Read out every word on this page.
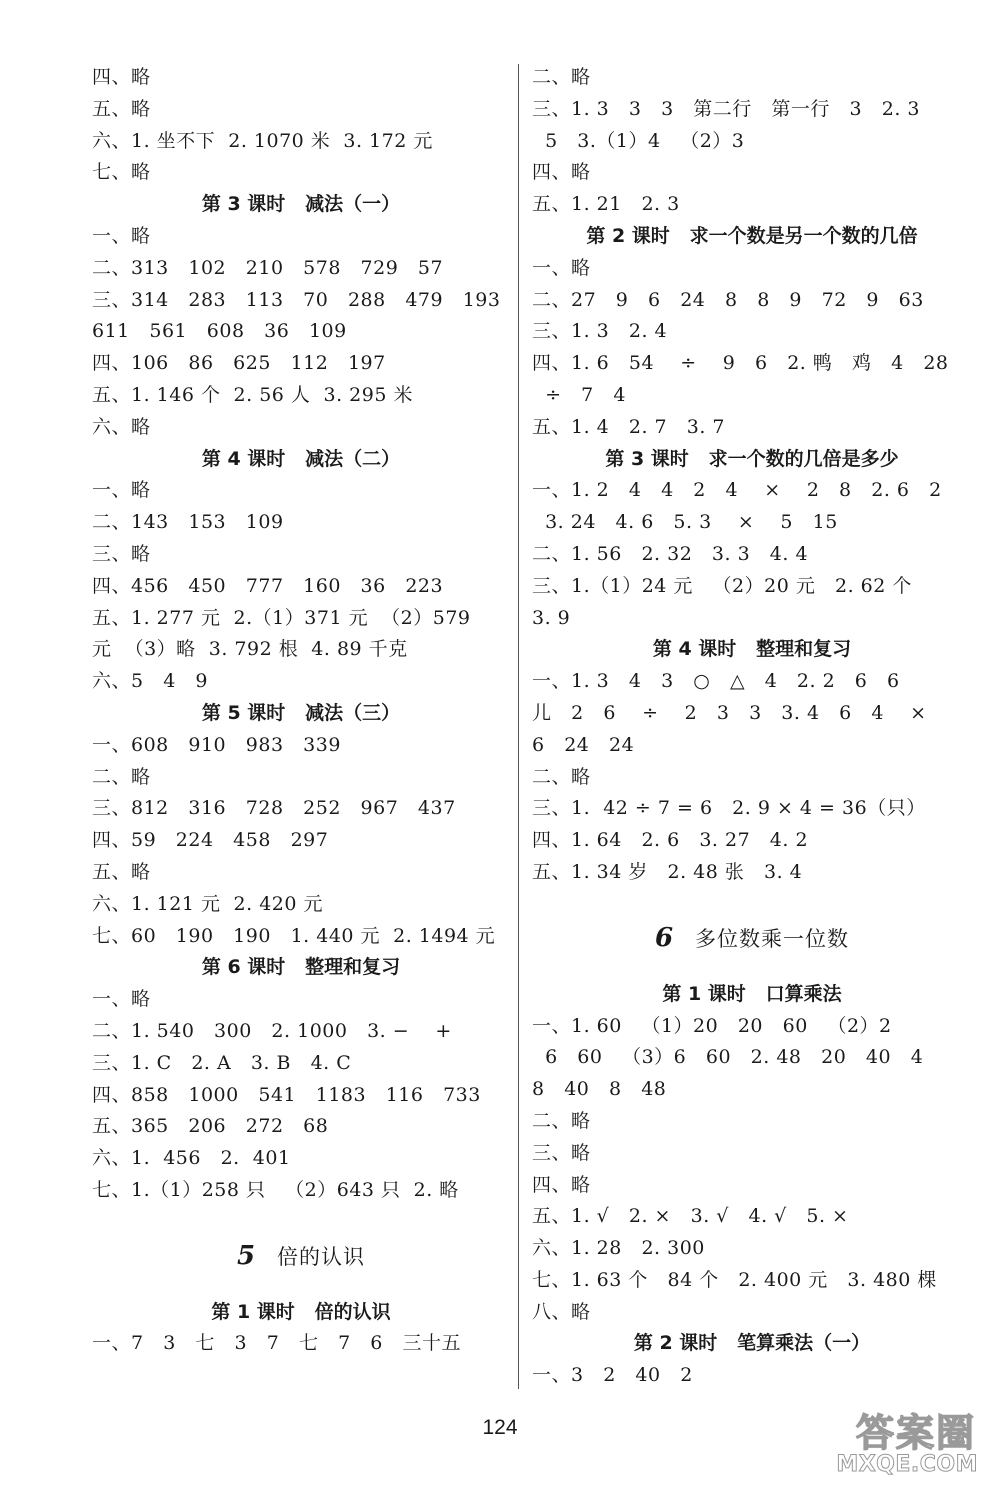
四、略
五、略
六、1. 坐不下  2. 1070 米  3. 172 元
七、略
第 3 课时   减法（一）
一、略
二、313   102   210   578   729   57
三、314   283   113   70   288   479   193
611   561   608   36   109
四、106   86   625   112   197
五、1. 146 个  2. 56 人  3. 295 米
六、略
第 4 课时   减法（二）
一、略
二、143   153   109
三、略
四、456   450   777   160   36   223
五、1. 277 元  2.（1）371 元  （2）579
元  （3）略  3. 792 根  4. 89 千克
六、5   4   9
第 5 课时   减法（三）
一、608   910   983   339
二、略
三、812   316   728   252   967   437
四、59   224   458   297
五、略
六、1. 121 元  2. 420 元
七、60   190   190   1. 440 元  2. 1494 元
第 6 课时   整理和复习
一、略
二、1. 540   300   2. 1000   3. −    +
三、1. C   2. A   3. B   4. C
四、858   1000   541   1183   116   733
五、365   206   272   68
六、1.  456   2.  401
七、1.（1）258 只   （2）643 只  2. 略
5 倍的认识
第 1 课时   倍的认识
一、7   3   七   3   7   七   7   6   三十五
二、略
三、1. 3   3   3   第二行   第一行   3   2. 3
5   3.（1）4   （2）3
四、略
五、1. 21   2. 3
第 2 课时   求一个数是另一个数的几倍
一、略
二、27   9   6   24   8   8   9   72   9   63
三、1. 3   2. 4
四、1. 6   54    ÷    9   6   2. 鸭   鸡   4   28
÷   7   4
五、1. 4   2. 7   3. 7
第 3 课时   求一个数的几倍是多少
一、1. 2   4   4   2   4    ×    2   8   2. 6   2
3. 24   4. 6   5. 3    ×    5   15
二、1. 56   2. 32   3. 3   4. 4
三、1.（1）24 元   （2）20 元   2. 62 个
3. 9
第 4 课时   整理和复习
一、1. 3   4   3   ○   △   4   2. 2   6   6
儿   2   6    ÷    2   3   3   3. 4   6   4    ×
6   24   24
二、略
三、1.  42 ÷ 7 = 6   2. 9 × 4 = 36（只）
四、1. 64   2. 6   3. 27   4. 2
五、1. 34 岁   2. 48 张   3. 4
6 多位数乘一位数
第 1 课时   口算乘法
一、1. 60   （1）20   20   60   （2）2
6   60   （3）6   60   2. 48   20   40   4
8   40   8   48
二、略
三、略
四、略
五、1. √   2. ×   3. √   4. √   5. ×
六、1. 28   2. 300
七、1. 63 个   84 个   2. 400 元   3. 480 棵
八、略
第 2 课时   笔算乘法（一）
一、3   2   40   2
124	答案圈
MXQE.COM
